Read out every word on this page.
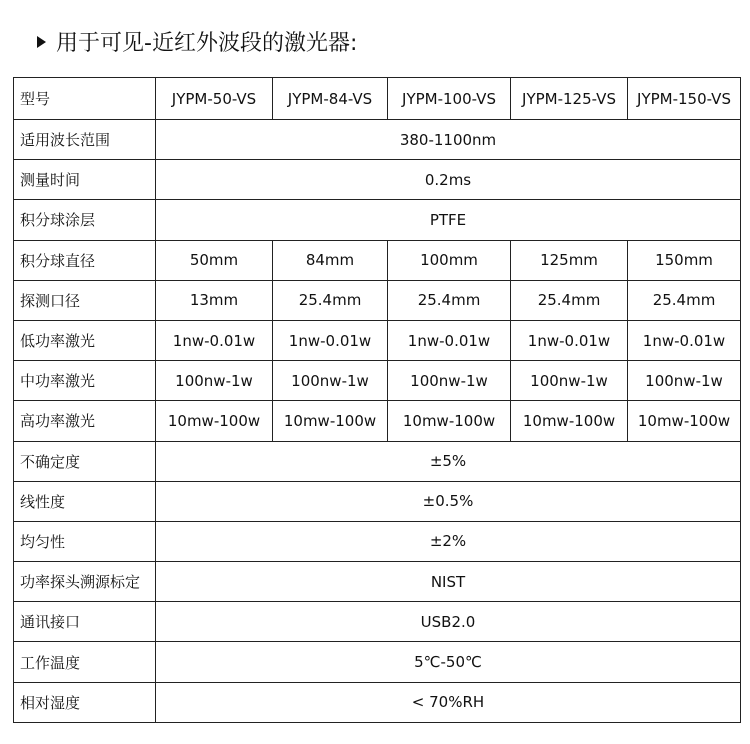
用于可见-近红外波段的激光器:
型号	JYPM-50-VS	JYPM-84-VS	JYPM-100-VS	JYPM-125-VS	JYPM-150-VS
适用波长范围	380-1100nm				
测量时间	0.2ms				
积分球涂层	PTFE				
积分球直径	50mm	84mm	100mm	125mm	150mm
探测口径	13mm	25.4mm	25.4mm	25.4mm	25.4mm
低功率激光	1nw-0.01w	1nw-0.01w	1nw-0.01w	1nw-0.01w	1nw-0.01w
中功率激光	100nw-1w	100nw-1w	100nw-1w	100nw-1w	100nw-1w
高功率激光	10mw-100w	10mw-100w	10mw-100w	10mw-100w	10mw-100w
不确定度	±5%				
线性度	±0.5%				
均匀性	±2%				
功率探头溯源标定	NIST				
通讯接口	USB2.0				
工作温度	5℃-50℃				
相对湿度	< 70%RH				
